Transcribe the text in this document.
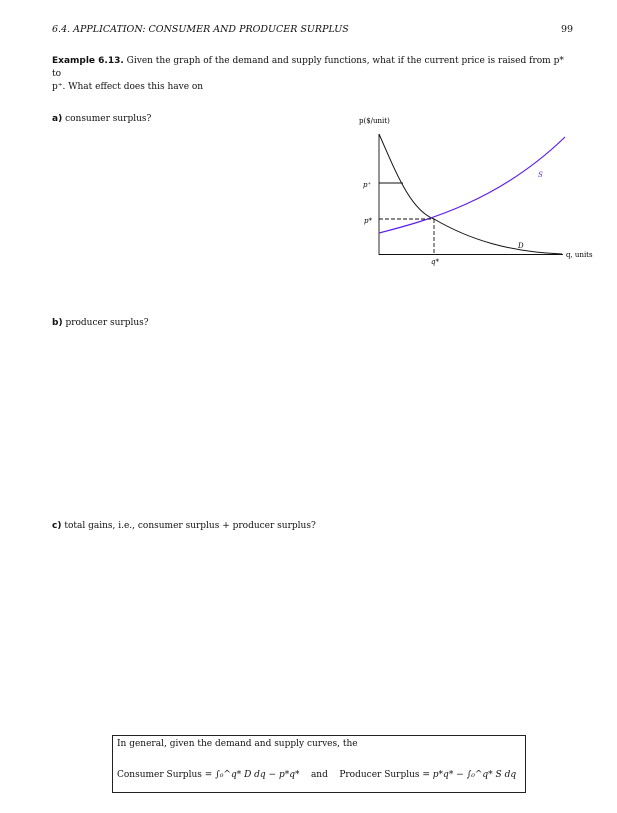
6.4. APPLICATION: CONSUMER AND PRODUCER SURPLUS	99
Example 6.13. Given the graph of the demand and supply functions, what if the current price is raised from p* to
p⁺. What effect does this have on
a) consumer surplus?
b) producer surplus?
c) total gains, i.e., consumer surplus + producer surplus?
p($/unit)
q, units
p⁺
p*
q*
S
D
In general, given the demand and supply curves, the
Consumer Surplus = ∫₀^q* D dq − p*q* and Producer Surplus = p*q* − ∫₀^q* S dq
